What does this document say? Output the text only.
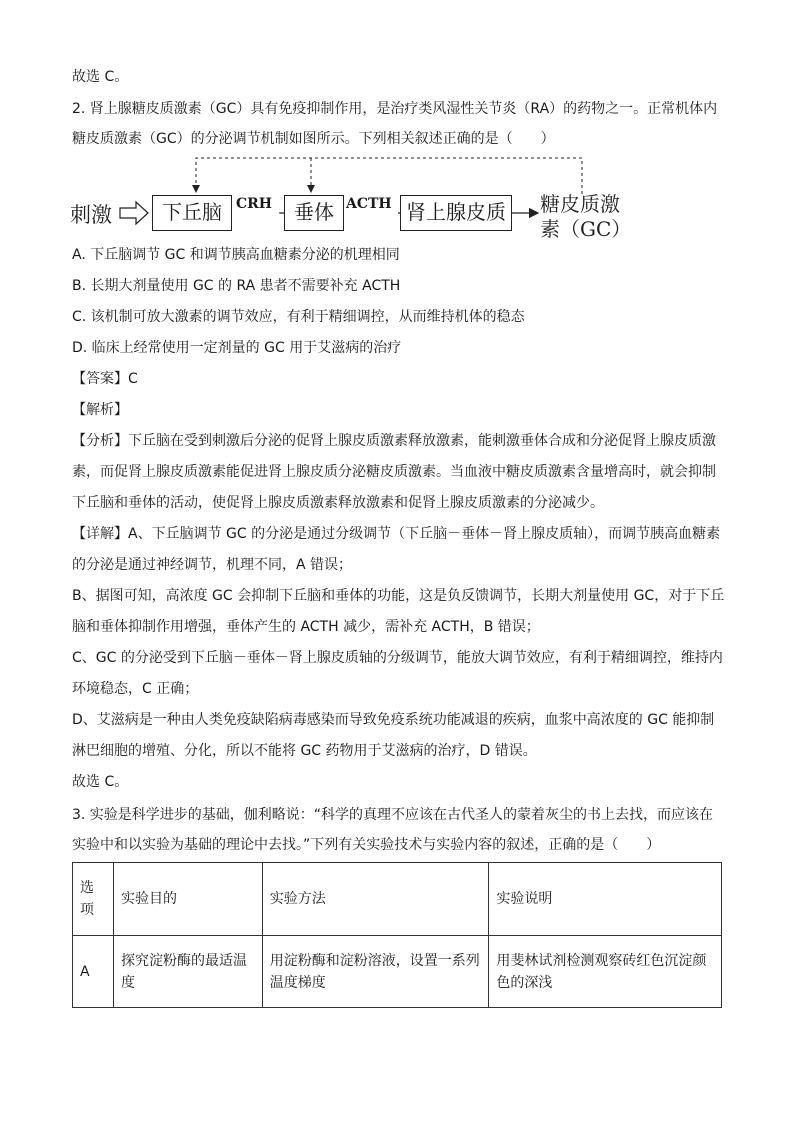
故选 C。
2. 肾上腺糖皮质激素（GC）具有免疫抑制作用，是治疗类风湿性关节炎（RA）的药物之一。正常机体内
糖皮质激素（GC）的分泌调节机制如图所示。下列相关叙述正确的是（　　）
刺激	下丘脑	垂体	肾上腺皮质
CRH	ACTH	糖皮质激
素（GC）
A. 下丘脑调节 GC 和调节胰高血糖素分泌的机理相同
B. 长期大剂量使用 GC 的 RA 患者不需要补充 ACTH
C. 该机制可放大激素的调节效应，有利于精细调控，从而维持机体的稳态
D. 临床上经常使用一定剂量的 GC 用于艾滋病的治疗
【答案】C
【解析】
【分析】下丘脑在受到刺激后分泌的促肾上腺皮质激素释放激素，能刺激垂体合成和分泌促肾上腺皮质激
素，而促肾上腺皮质激素能促进肾上腺皮质分泌糖皮质激素。当血液中糖皮质激素含量增高时，就会抑制
下丘脑和垂体的活动，使促肾上腺皮质激素释放激素和促肾上腺皮质激素的分泌减少。
【详解】A、下丘脑调节 GC 的分泌是通过分级调节（下丘脑－垂体－肾上腺皮质轴），而调节胰高血糖素
的分泌是通过神经调节，机理不同，A 错误；
B、据图可知，高浓度 GC 会抑制下丘脑和垂体的功能，这是负反馈调节，长期大剂量使用 GC，对于下丘
脑和垂体抑制作用增强，垂体产生的 ACTH 减少，需补充 ACTH，B 错误；
C、GC 的分泌受到下丘脑－垂体－肾上腺皮质轴的分级调节，能放大调节效应，有利于精细调控，维持内
环境稳态，C 正确；
D、艾滋病是一种由人类免疫缺陷病毒感染而导致免疫系统功能减退的疾病，血浆中高浓度的 GC 能抑制
淋巴细胞的增殖、分化，所以不能将 GC 药物用于艾滋病的治疗，D 错误。
故选 C。
3. 实验是科学进步的基础，伽利略说：“科学的真理不应该在古代圣人的蒙着灰尘的书上去找，而应该在
实验中和以实验为基础的理论中去找。”下列有关实验技术与实验内容的叙述，正确的是（　　）
选
项	实验目的	实验方法	实验说明
A	探究淀粉酶的最适温度	用淀粉酶和淀粉溶液，设置一系列温度梯度	用斐林试剂检测观察砖红色沉淀颜色的深浅
